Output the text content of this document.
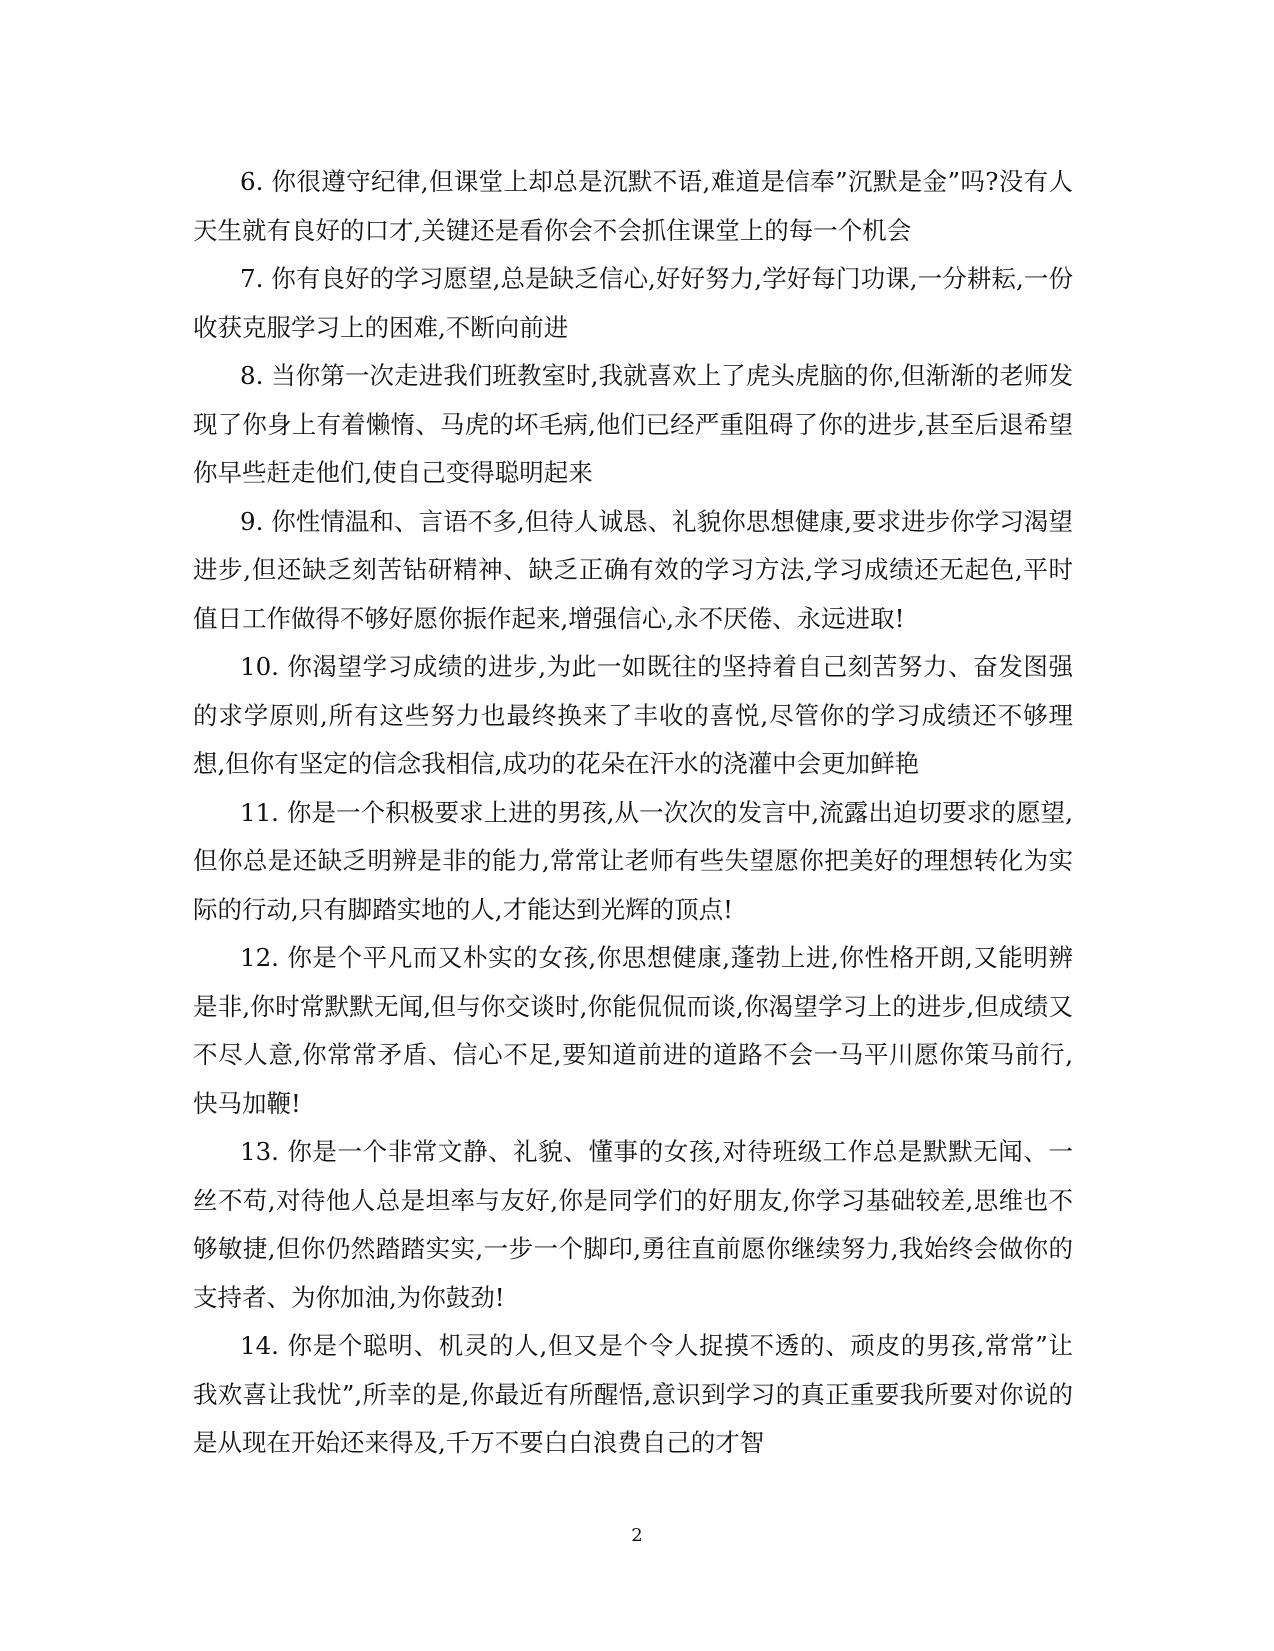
6. 你很遵守纪律,但课堂上却总是沉默不语,难道是信奉”沉默是金”吗?没有人天生就有良好的口才,关键还是看你会不会抓住课堂上的每一个机会

7. 你有良好的学习愿望,总是缺乏信心,好好努力,学好每门功课,一分耕耘,一份收获克服学习上的困难,不断向前进

8. 当你第一次走进我们班教室时,我就喜欢上了虎头虎脑的你,但渐渐的老师发现了你身上有着懒惰、马虎的坏毛病,他们已经严重阻碍了你的进步,甚至后退希望你早些赶走他们,使自己变得聪明起来

9. 你性情温和、言语不多,但待人诚恳、礼貌你思想健康,要求进步你学习渴望进步,但还缺乏刻苦钻研精神、缺乏正确有效的学习方法,学习成绩还无起色,平时值日工作做得不够好愿你振作起来,增强信心,永不厌倦、永远进取!

10. 你渴望学习成绩的进步,为此一如既往的坚持着自己刻苦努力、奋发图强的求学原则,所有这些努力也最终换来了丰收的喜悦,尽管你的学习成绩还不够理想,但你有坚定的信念我相信,成功的花朵在汗水的浇灌中会更加鲜艳

11. 你是一个积极要求上进的男孩,从一次次的发言中,流露出迫切要求的愿望,但你总是还缺乏明辨是非的能力,常常让老师有些失望愿你把美好的理想转化为实际的行动,只有脚踏实地的人,才能达到光辉的顶点!

12. 你是个平凡而又朴实的女孩,你思想健康,蓬勃上进,你性格开朗,又能明辨是非,你时常默默无闻,但与你交谈时,你能侃侃而谈,你渴望学习上的进步,但成绩又不尽人意,你常常矛盾、信心不足,要知道前进的道路不会一马平川愿你策马前行,快马加鞭!

13. 你是一个非常文静、礼貌、懂事的女孩,对待班级工作总是默默无闻、一丝不苟,对待他人总是坦率与友好,你是同学们的好朋友,你学习基础较差,思维也不够敏捷,但你仍然踏踏实实,一步一个脚印,勇往直前愿你继续努力,我始终会做你的支持者、为你加油,为你鼓劲!

14. 你是个聪明、机灵的人,但又是个令人捉摸不透的、顽皮的男孩,常常”让我欢喜让我忧”,所幸的是,你最近有所醒悟,意识到学习的真正重要我所要对你说的是从现在开始还来得及,千万不要白白浪费自己的才智

2
